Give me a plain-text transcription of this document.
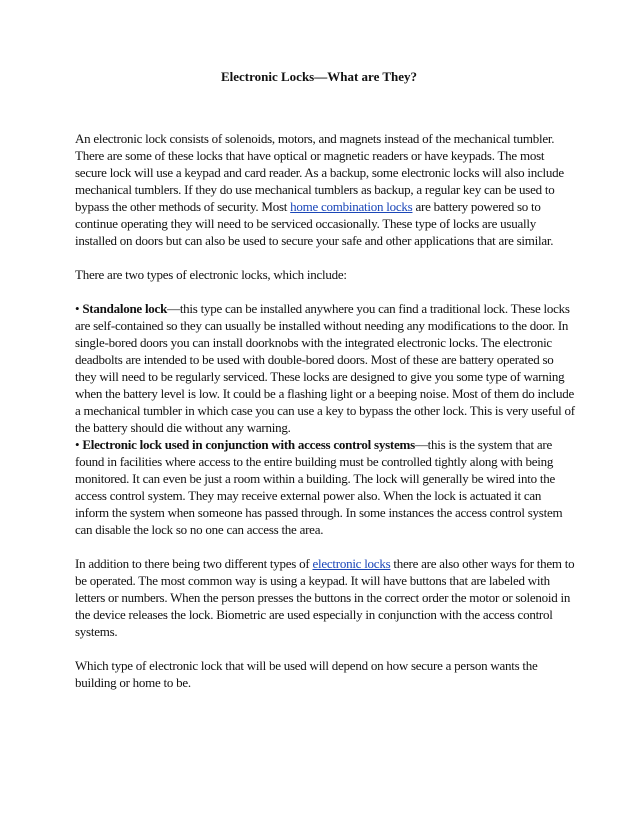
Electronic Locks—What are They?

An electronic lock consists of solenoids, motors, and magnets instead of the mechanical tumbler. There are some of these locks that have optical or magnetic readers or have keypads. The most secure lock will use a keypad and card reader. As a backup, some electronic locks will also include mechanical tumblers. If they do use mechanical tumblers as backup, a regular key can be used to bypass the other methods of security. Most home combination locks are battery powered so to continue operating they will need to be serviced occasionally. These type of locks are usually installed on doors but can also be used to secure your safe and other applications that are similar.

There are two types of electronic locks, which include:

• Standalone lock—this type can be installed anywhere you can find a traditional lock. These locks are self-contained so they can usually be installed without needing any modifications to the door. In single-bored doors you can install doorknobs with the integrated electronic locks. The electronic deadbolts are intended to be used with double-bored doors. Most of these are battery operated so they will need to be regularly serviced. These locks are designed to give you some type of warning when the battery level is low. It could be a flashing light or a beeping noise. Most of them do include a mechanical tumbler in which case you can use a key to bypass the other lock. This is very useful of the battery should die without any warning.

• Electronic lock used in conjunction with access control systems—this is the system that are found in facilities where access to the entire building must be controlled tightly along with being monitored. It can even be just a room within a building. The lock will generally be wired into the access control system. They may receive external power also. When the lock is actuated it can inform the system when someone has passed through. In some instances the access control system can disable the lock so no one can access the area.

In addition to there being two different types of electronic locks there are also other ways for them to be operated. The most common way is using a keypad. It will have buttons that are labeled with letters or numbers. When the person presses the buttons in the correct order the motor or solenoid in the device releases the lock. Biometric are used especially in conjunction with the access control systems.

Which type of electronic lock that will be used will depend on how secure a person wants the building or home to be.
